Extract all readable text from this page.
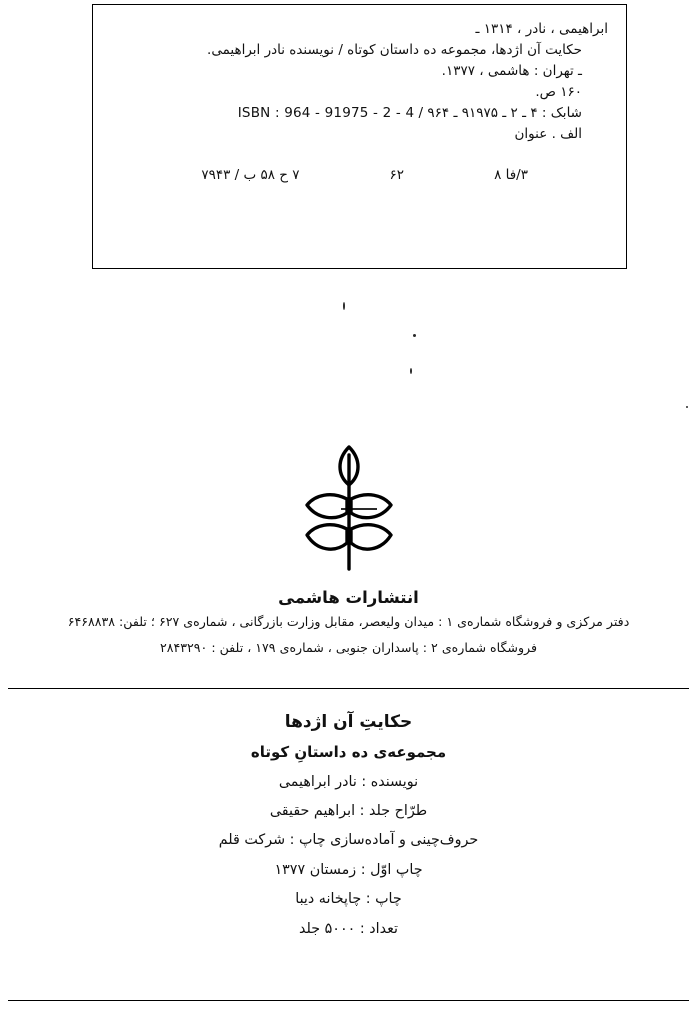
ابراهیمی ، نادر ، ۱۳۱۴ ـ
حکایت آن اژدها، مجموعه ده داستان کوتاه / نویسنده نادر ابراهیمی.
ـ تهران : هاشمی ، ۱۳۷۷.
۱۶۰ ص.
شابک : ۴ ـ ۲ ـ ۹۱۹۷۵ ـ ۹۶۴ / ISBN : 964 - 91975 - 2 - 4
الف . عنوان
۳/فا ۸
۶۲
۷ ح ۵۸ ب / ۷۹۴۳
انتشارات هاشمی
دفتر مرکزی و فروشگاه شماره‌ی ۱ : میدان ولیعصر، مقابل وزارت بازرگانی ، شماره‌ی ۶۲۷ ؛ تلفن: ۶۴۶۸۸۳۸
فروشگاه شماره‌ی ۲ : پاسداران جنوبی ، شماره‌ی ۱۷۹ ، تلفن : ۲۸۴۳۲۹۰
حکایتِ آن اژدها
مجموعه‌ی ده داستانِ کوتاه
نویسنده : نادر ابراهیمی
طرّاح جلد : ابراهیم حقیقی
حروف‌چینی و آماده‌سازی چاپ : شرکت قلم
چاپ اوّل : زمستان ۱۳۷۷
چاپ : چاپخانه دیبا
تعداد : ۵۰۰۰ جلد
